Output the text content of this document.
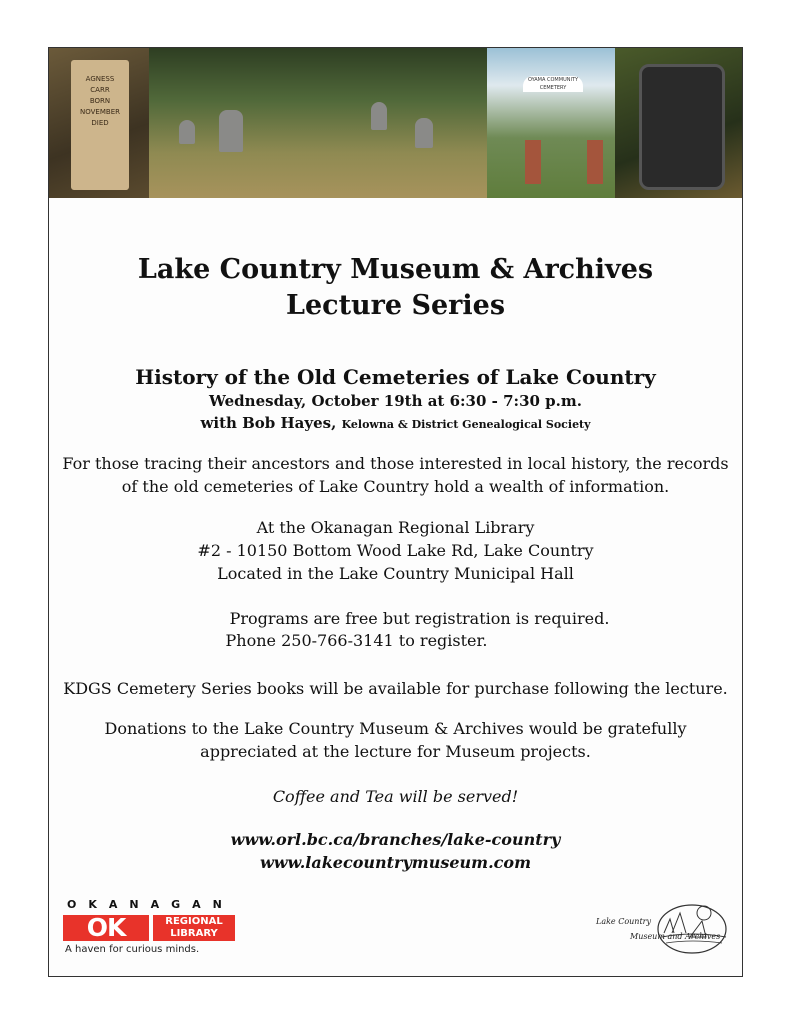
AGNESS
CARR
BORN
NOVEMBER
DIED
OYAMA COMMUNITY CEMETERY
Lake Country Museum & Archives
Lecture Series
History of the Old Cemeteries of Lake Country
Wednesday, October 19th at 6:30 - 7:30 p.m.
with Bob Hayes, Kelowna & District Genealogical Society
For those tracing their ancestors and those interested in local history, the records of the old cemeteries of Lake Country hold a wealth of information.
At the Okanagan Regional Library
#2 - 10150 Bottom Wood Lake Rd, Lake Country
Located in the Lake Country Municipal Hall
Programs are free but registration is required.
Phone 250-766-3141 to register.
KDGS Cemetery Series books will be available for purchase following the lecture.
Donations to the Lake Country Museum & Archives would be gratefully appreciated at the lecture for Museum projects.
Coffee and Tea will be served!
www.orl.bc.ca/branches/lake-country
www.lakecountrymuseum.com
OKANAGAN
OK	REGIONAL
LIBRARY
A haven for curious minds.
Lake Country
Museum and Archives
